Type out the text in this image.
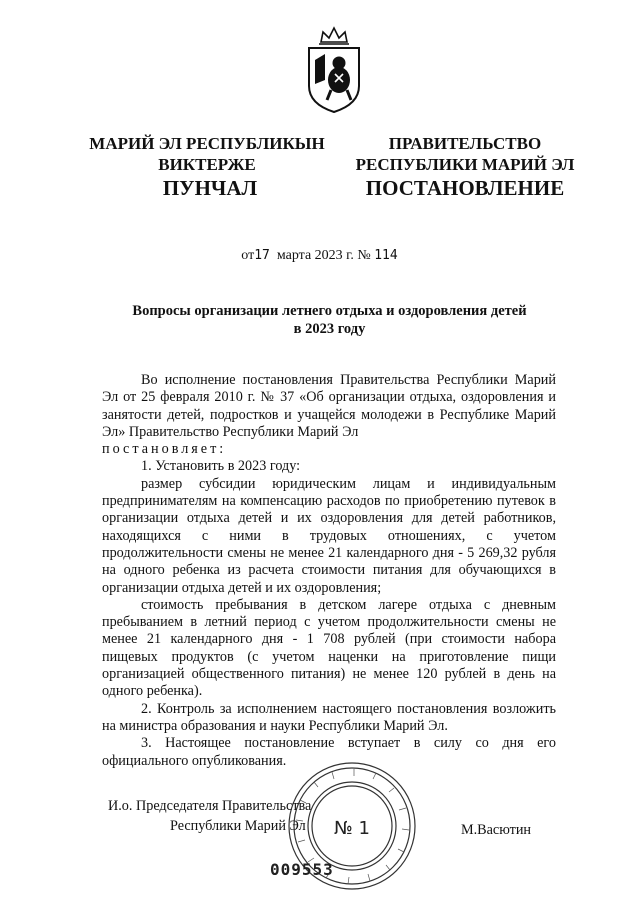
МАРИЙ ЭЛ РЕСПУБЛИКЫН
ВИКТЕРЖЕ
ПРАВИТЕЛЬСТВО
РЕСПУБЛИКИ МАРИЙ ЭЛ
ПУНЧАЛ	ПОСТАНОВЛЕНИЕ
от17 марта 2023 г. № 114
Вопросы организации летнего отдыха и оздоровления детей
в 2023 году

Во исполнение постановления Правительства Республики Марий Эл от 25 февраля 2010 г. № 37 «Об организации отдыха, оздоровления и занятости детей, подростков и учащейся молодежи в Республике Марий Эл» Правительство Республики Марий Эл

постановляет:

1. Установить в 2023 году:

размер субсидии юридическим лицам и индивидуальным предпринимателям на компенсацию расходов по приобретению путевок в организации отдыха детей и их оздоровления для детей работников, находящихся с ними в трудовых отношениях, с учетом продолжительности смены не менее 21 календарного дня - 5 269,32 рубля на одного ребенка из расчета стоимости питания для обучающихся в организации отдыха детей и их оздоровления;

стоимость пребывания в детском лагере отдыха с дневным пребыванием в летний период с учетом продолжительности смены не менее 21 календарного дня - 1 708 рублей (при стоимости набора пищевых продуктов (с учетом наценки на приготовление пищи организацией общественного питания) не менее 120 рублей в день на одного ребенка).

2. Контроль за исполнением настоящего постановления возложить на министра образования и науки Республики Марий Эл.

3. Настоящее постановление вступает в силу со дня его официального опубликования.

№ 1
И.о. Председателя Правительства
Республики Марий Эл	М.Васютин
009553
